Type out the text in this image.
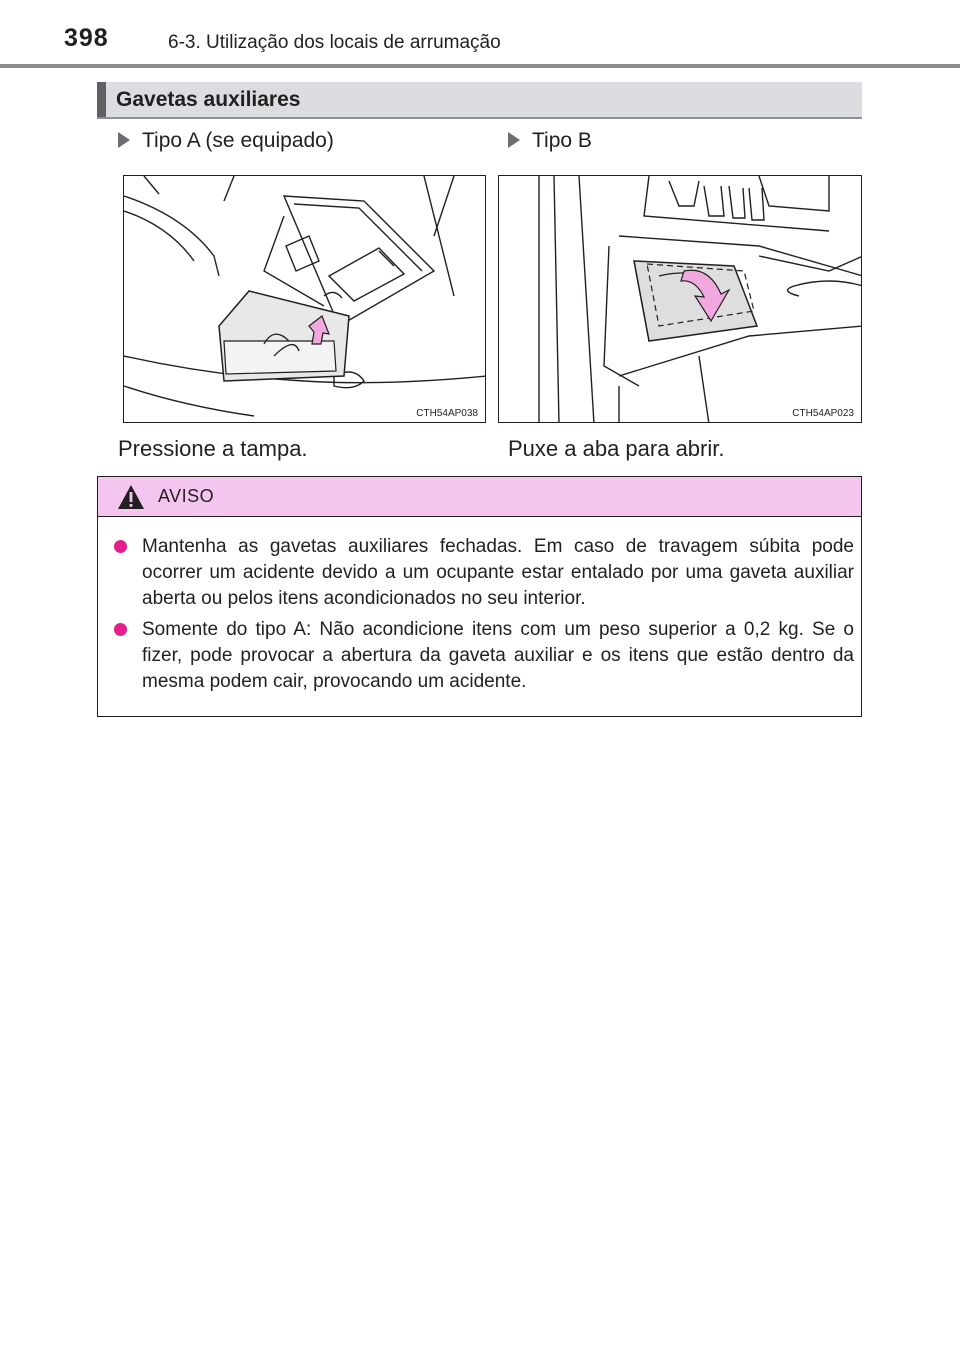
398	6-3. Utilização dos locais de arrumação
Gavetas auxiliares
Tipo A (se equipado)	Tipo B
CTH54AP038	CTH54AP023
Pressione a tampa.	Puxe a aba para abrir.
AVISO
Mantenha as gavetas auxiliares fechadas. Em caso de travagem súbita pode ocorrer um acidente devido a um ocupante estar entalado por uma gaveta auxiliar aberta ou pelos itens acondicionados no seu interior.
Somente do tipo A: Não acondicione itens com um peso superior a 0,2 kg. Se o fizer, pode provocar a abertura da gaveta auxiliar e os itens que estão dentro da mesma podem cair, provocando um acidente.
